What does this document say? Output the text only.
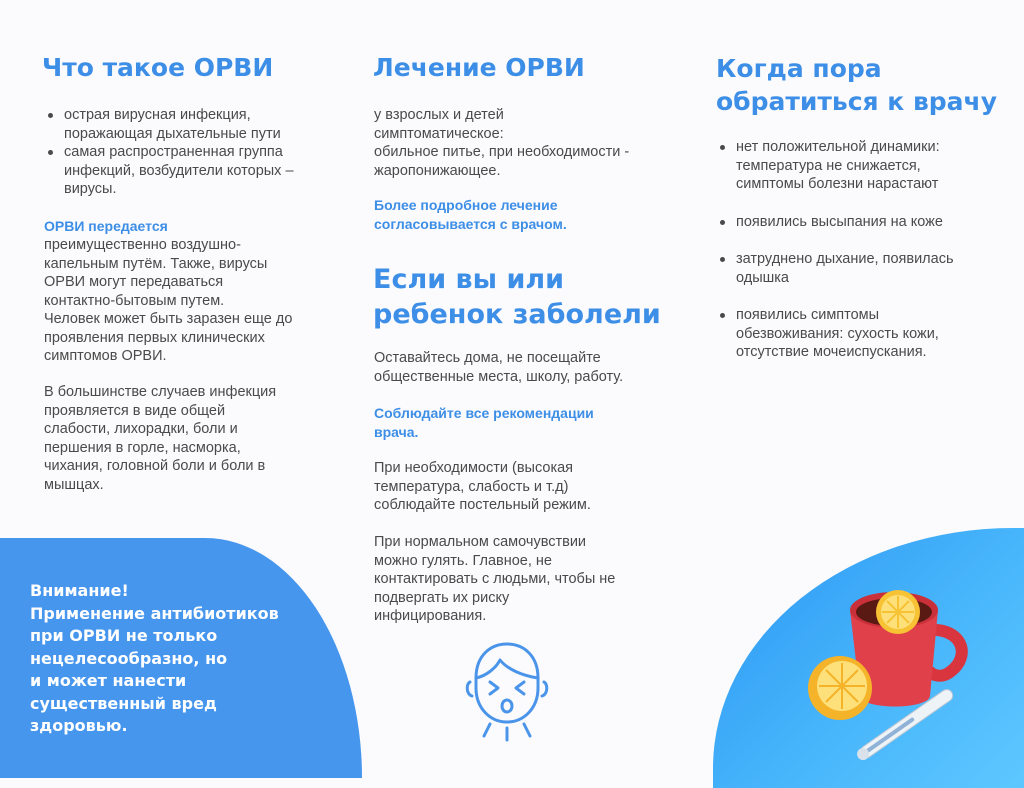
Что такое ОРВИ
острая вирусная инфекция,
поражающая дыхательные пути
самая распространенная группа
инфекций, возбудители которых –
вирусы.

ОРВИ передается

преимущественно воздушно-
капельным путём. Также, вирусы
ОРВИ могут передаваться
контактно-бытовым путем.
Человек может быть заразен еще до
проявления первых клинических
симптомов ОРВИ.

В большинстве случаев инфекция
проявляется в виде общей
слабости, лихорадки, боли и
першения в горле, насморка,
чихания, головной боли и боли в
мышцах.

Внимание!
Применение антибиотиков
при ОРВИ не только
нецелесообразно, но
и может нанести
существенный вред
здоровью.

Лечение ОРВИ

у взрослых и детей
симптоматическое:
обильное питье, при необходимости -
жаропонижающее.

Более подробное лечение
согласовывается с врачом.

Если вы или
ребенок заболели

Оставайтесь дома, не посещайте
общественные места, школу, работу.

Соблюдайте все рекомендации
врача.

При необходимости (высокая
температура, слабость и т.д)
соблюдайте постельный режим.

При нормальном самочувствии
можно гулять. Главное, не
контактировать с людьми, чтобы не
подвергать их риску
инфицирования.

Когда пора
обратиться к врачу
нет положительной динамики:
температура не снижается,
симптомы болезни нарастают
появились высыпания на коже
затруднено дыхание, появилась
одышка
появились симптомы
обезвоживания: сухость кожи,
отсутствие мочеиспускания.
